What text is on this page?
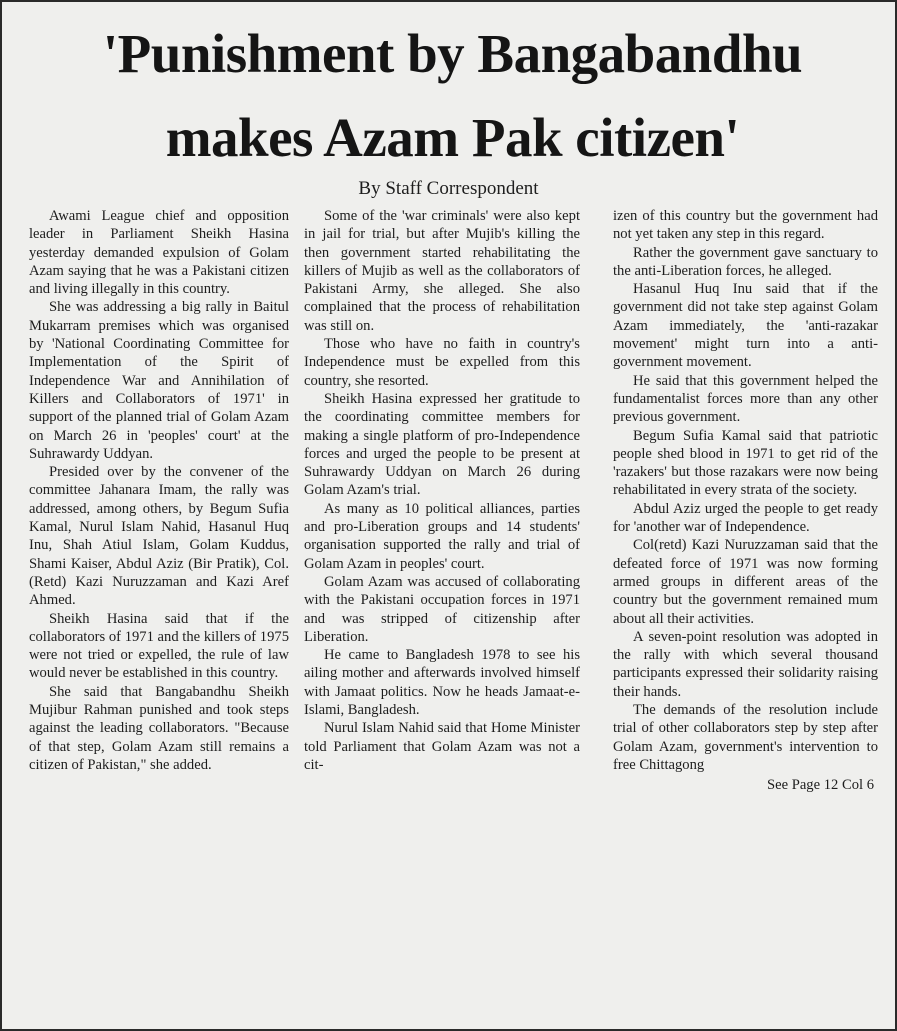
'Punishment by Bangabandhu
makes Azam Pak citizen'
By Staff Correspondent

Awami League chief and opposition leader in Parliament Sheikh Hasina yesterday demanded expulsion of Golam Azam saying that he was a Pakistani citizen and living illegally in this country.

She was addressing a big rally in Baitul Mukarram premises which was organised by 'National Coordinating Committee for Implementation of the Spirit of Independence War and Annihilation of Killers and Collaborators of 1971' in support of the planned trial of Golam Azam on March 26 in 'peoples' court' at the Suhrawardy Uddyan.

Presided over by the convener of the committee Jahanara Imam, the rally was addressed, among others, by Begum Sufia Kamal, Nurul Islam Nahid, Hasanul Huq Inu, Shah Atiul Islam, Golam Kuddus, Shami Kaiser, Abdul Aziz (Bir Pratik), Col.(Retd) Kazi Nuruzzaman and Kazi Aref Ahmed.

Sheikh Hasina said that if the collaborators of 1971 and the killers of 1975 were not tried or expelled, the rule of law would never be established in this country.

She said that Bangabandhu Sheikh Mujibur Rahman punished and took steps against the leading collaborators. "Because of that step, Golam Azam still remains a citizen of Pakistan," she added.

Some of the 'war criminals' were also kept in jail for trial, but after Mujib's killing the then government started rehabilitating the killers of Mujib as well as the collaborators of Pakistani Army, she alleged. She also complained that the process of rehabilitation was still on.

Those who have no faith in country's Independence must be expelled from this country, she resorted.

Sheikh Hasina expressed her gratitude to the coordinating committee members for making a single platform of pro-Independence forces and urged the people to be present at Suhrawardy Uddyan on March 26 during Golam Azam's trial.

As many as 10 political alliances, parties and pro-Liberation groups and 14 students' organisation supported the rally and trial of Golam Azam in peoples' court.

Golam Azam was accused of collaborating with the Pakistani occupation forces in 1971 and was stripped of citizenship after Liberation.

He came to Bangladesh 1978 to see his ailing mother and afterwards involved himself with Jamaat politics. Now he heads Jamaat-e-Islami, Bangladesh.

Nurul Islam Nahid said that Home Minister told Parliament that Golam Azam was not a cit-

izen of this country but the government had not yet taken any step in this regard.

Rather the government gave sanctuary to the anti-Liberation forces, he alleged.

Hasanul Huq Inu said that if the government did not take step against Golam Azam immediately, the 'anti-razakar movement' might turn into a anti-government movement.

He said that this government helped the fundamentalist forces more than any other previous government.

Begum Sufia Kamal said that patriotic people shed blood in 1971 to get rid of the 'razakers' but those razakars were now being rehabilitated in every strata of the society.

Abdul Aziz urged the people to get ready for 'another war of Independence.

Col(retd) Kazi Nuruzzaman said that the defeated force of 1971 was now forming armed groups in different areas of the country but the government remained mum about all their activities.

A seven-point resolution was adopted in the rally with which several thousand participants expressed their solidarity raising their hands.

The demands of the resolution include trial of other collaborators step by step after Golam Azam, government's intervention to free Chittagong

See Page 12 Col 6
